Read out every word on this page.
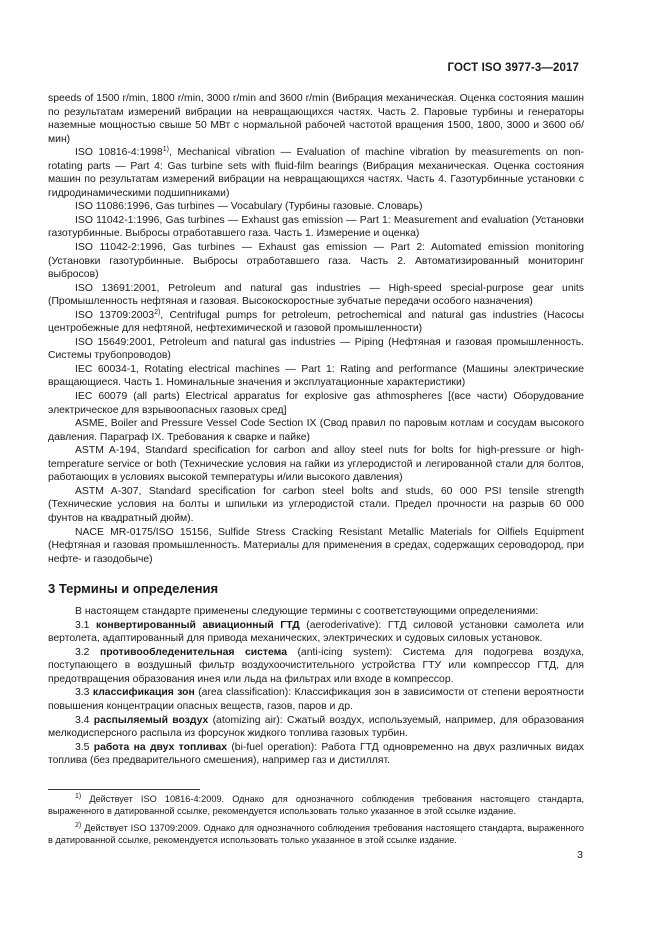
ГОСТ ISO 3977-3—2017

speeds of 1500 r/min, 1800 r/min, 3000 r/min and 3600 r/min (Вибрация механическая. Оценка состояния машин по результатам измерений вибрации на невращающихся частях. Часть 2. Паровые турбины и генераторы наземные мощностью свыше 50 МВт с нормальной рабочей частотой вращения 1500, 1800, 3000 и 3600 об/мин)

ISO 10816-4:1998$^{1)}$, Mechanical vibration — Evaluation of machine vibration by measurements on non-rotating parts — Part 4: Gas turbine sets with fluid-film bearings (Вибрация механическая. Оценка состояния машин по результатам измерений вибрации на невращающихся частях. Часть 4. Газотурбинные установки с гидродинамическими подшипниками)

ISO 11086:1996, Gas turbines — Vocabulary (Турбины газовые. Словарь)

ISO 11042-1:1996, Gas turbines — Exhaust gas emission — Part 1: Measurement and evaluation (Установки газотурбинные. Выбросы отработавшего газа. Часть 1. Измерение и оценка)

ISO 11042-2:1996, Gas turbines — Exhaust gas emission — Part 2: Automated emission monitoring (Установки газотурбинные. Выбросы отработавшего газа. Часть 2. Автоматизированный мониторинг выбросов)

ISO 13691:2001, Petroleum and natural gas industries — High-speed special-purpose gear units (Промышленность нефтяная и газовая. Высокоскоростные зубчатые передачи особого назначения)

ISO 13709:2003$^{2)}$, Centrifugal pumps for petroleum, petrochemical and natural gas industries (Насосы центробежные для нефтяной, нефтехимической и газовой промышленности)

ISO 15649:2001, Petroleum and natural gas industries — Piping (Нефтяная и газовая промышленность. Системы трубопроводов)

IEC 60034-1, Rotating electrical machines — Part 1: Rating and performance (Машины электрические вращающиеся. Часть 1. Номинальные значения и эксплуатационные характеристики)

IEC 60079 (all parts) Electrical apparatus for explosive gas athmospheres [(все части) Оборудование электрическое для взрывоопасных газовых сред]

ASME, Boiler and Pressure Vessel Code Section IX (Свод правил по паровым котлам и сосудам высокого давления. Параграф IX. Требования к сварке и пайке)

ASTM A-194, Standard specification for carbon and alloy steel nuts for bolts for high-pressure or high-temperature service or both (Технические условия на гайки из углеродистой и легированной стали для болтов, работающих в условиях высокой температуры и/или высокого давления)

ASTM A-307, Standard specification for carbon steel bolts and studs, 60 000 PSI tensile strength (Технические условия на болты и шпильки из углеродистой стали. Предел прочности на разрыв 60 000 фунтов на квадратный дюйм).

NACE MR-0175/ISO 15156, Sulfide Stress Cracking Resistant Metallic Materials for Oilfiels Equipment (Нефтяная и газовая промышленность. Материалы для применения в средах, содержащих сероводород, при нефте- и газодобыче)

3 Термины и определения

В настоящем стандарте применены следующие термины с соответствующими определениями:

3.1 конвертированный авиационный ГТД (aeroderivative): ГТД силовой установки самолета или вертолета, адаптированный для привода механических, электрических и судовых силовых установок.

3.2 противообледенительная система (anti-icing system): Система для подогрева воздуха, поступающего в воздушный фильтр воздухоочистительного устройства ГТУ или компрессор ГТД, для предотвращения образования инея или льда на фильтрах или входе в компрессор.

3.3 классификация зон (area classification): Классификация зон в зависимости от степени вероятности повышения концентрации опасных веществ, газов, паров и др.

3.4 распыляемый воздух (atomizing air): Сжатый воздух, используемый, например, для образования мелкодисперсного распыла из форсунок жидкого топлива газовых турбин.

3.5 работа на двух топливах (bi-fuel operation): Работа ГТД одновременно на двух различных видах топлива (без предварительного смешения), например газ и дистиллят.

$^{1)}$ Действует ISO 10816-4:2009. Однако для однозначного соблюдения требования настоящего стандарта, выраженного в датированной ссылке, рекомендуется использовать только указанное в этой ссылке издание.

$^{2)}$ Действует ISO 13709:2009. Однако для однозначного соблюдения требования настоящего стандарта, выраженного в датированной ссылке, рекомендуется использовать только указанное в этой ссылке издание.

3
